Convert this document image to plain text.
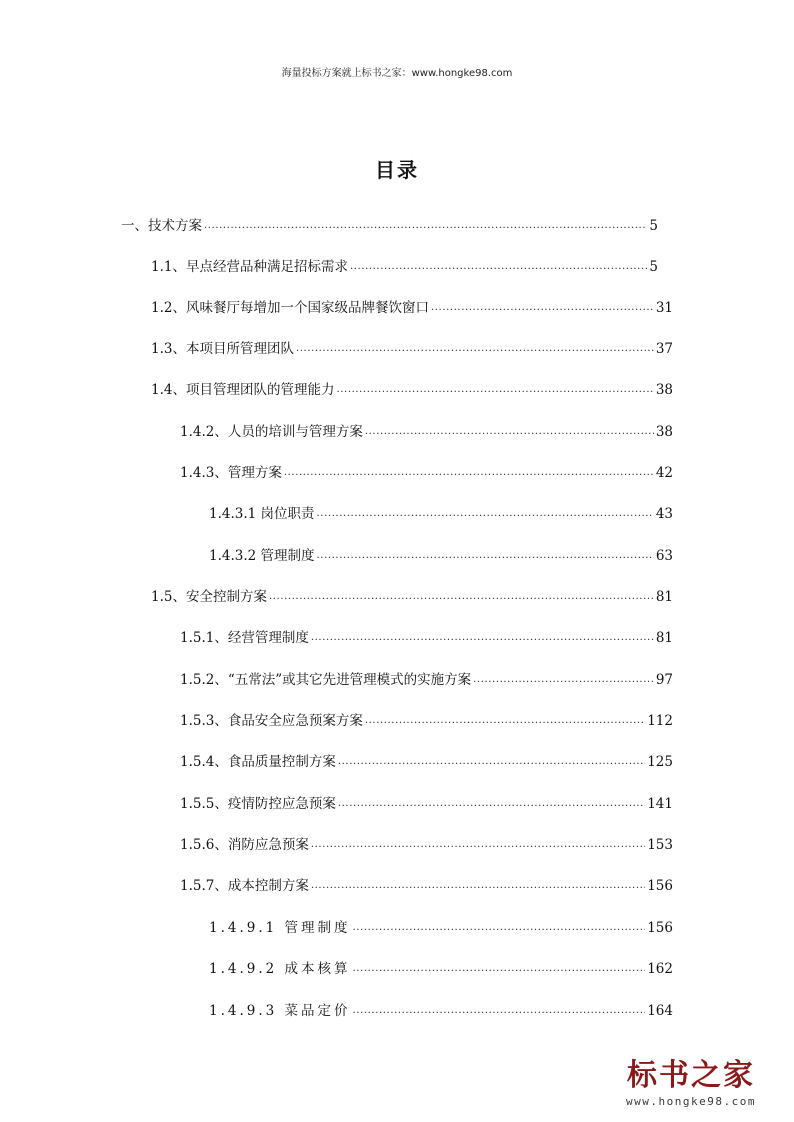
海量投标方案就上标书之家：www.hongke98.com
目录
一、技术方案 .....	5
1.1、早点经营品种满足招标需求 .....	5
1.2、风味餐厅每增加一个国家级品牌餐饮窗口 .....	31
1.3、本项目所管理团队 .....	37
1.4、项目管理团队的管理能力 .....	38
1.4.2、人员的培训与管理方案 .....	38
1.4.3、管理方案 .....	42
1.4.3.1 岗位职责 .....	43
1.4.3.2 管理制度 .....	63
1.5、安全控制方案 .....	81
1.5.1、经营管理制度 .....	81
1.5.2、“五常法”或其它先进管理模式的实施方案 .....	97
1.5.3、食品安全应急预案方案 .....	112
1.5.4、食品质量控制方案 .....	125
1.5.5、疫情防控应急预案 .....	141
1.5.6、消防应急预案 .....	153
1.5.7、成本控制方案 .....	156
1.4.9.1 管理制度 .....	156
1.4.9.2 成本核算 .....	162
1.4.9.3 菜品定价 .....	164
标书之家
www.hongke98.com
